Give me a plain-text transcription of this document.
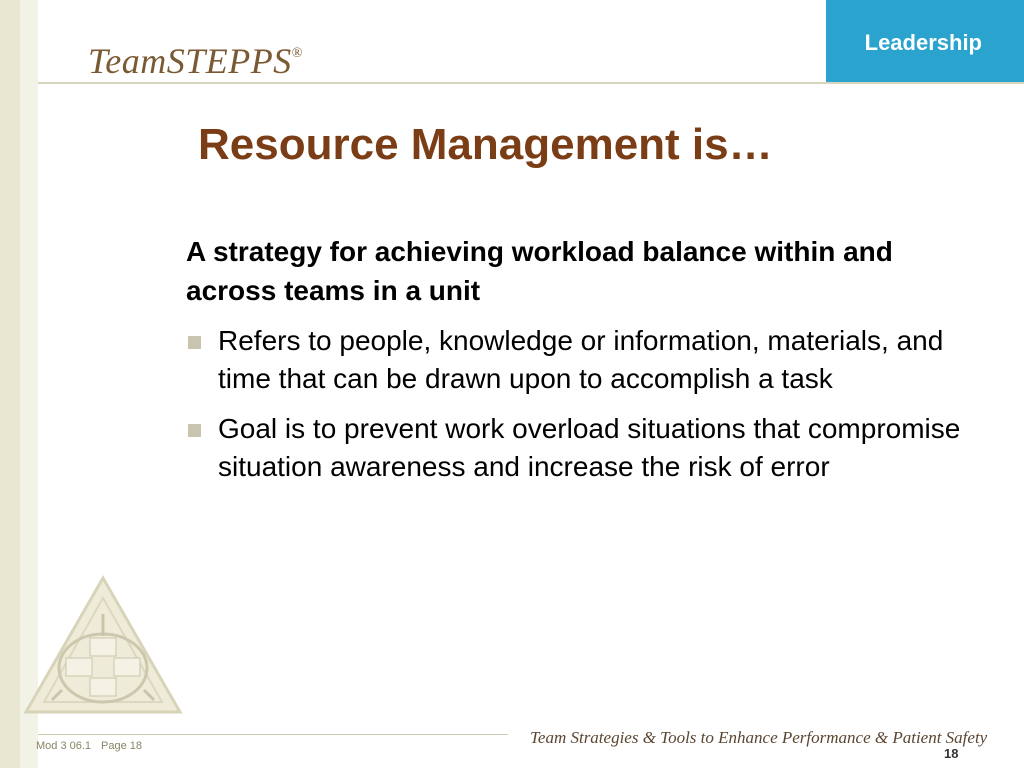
TeamSTEPPS®	Leadership
Resource Management is…

A strategy for achieving workload balance within and across teams in a unit

Refers to people, knowledge or information, materials, and time that can be drawn upon to accomplish a task
Goal is to prevent work overload situations that compromise situation awareness and increase the risk of error
Mod 3 06.1 Page 18	Team Strategies & Tools to Enhance Performance & Patient Safety
18
